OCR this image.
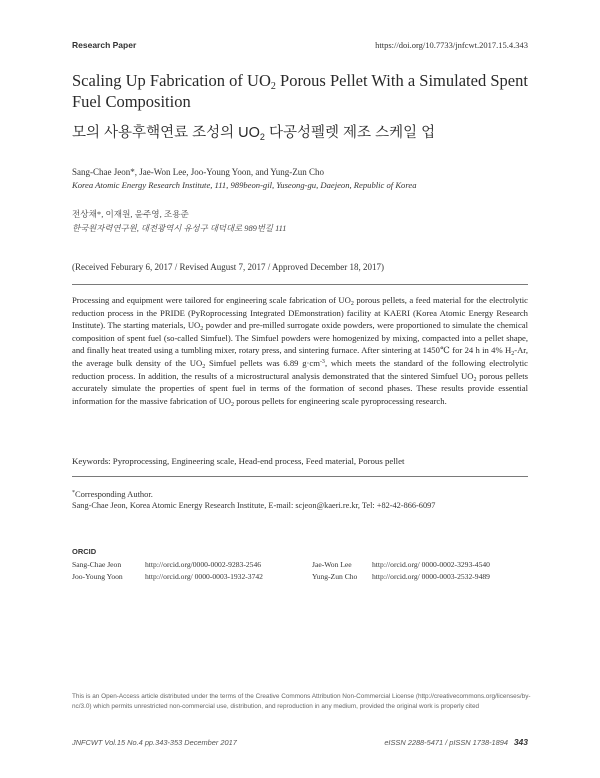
Research Paper	https://doi.org/10.7733/jnfcwt.2017.15.4.343
Scaling Up Fabrication of $UO_2$ Porous Pellet With a Simulated Spent Fuel Composition
모의 사용후핵연료 조성의 $UO_2$ 다공성펠렛 제조 스케일 업
Sang-Chae Jeon*, Jae-Won Lee, Joo-Young Yoon, and Yung-Zun Cho
Korea Atomic Energy Research Institute, 111, 989beon-gil, Yuseong-gu, Daejeon, Republic of Korea
전상채*, 이재원, 윤주영, 조용준
한국원자력연구원, 대전광역시 유성구 대덕대로 989번길 111
(Received Feburary 6, 2017 / Revised August 7, 2017 / Approved December 18, 2017)
Processing and equipment were tailored for engineering scale fabrication of $UO_2$ porous pellets, a feed material for the electrolytic reduction process in the PRIDE (PyRoprocessing Integrated DEmonstration) facility at KAERI (Korea Atomic Energy Research Institute). The starting materials, $UO_2$ powder and pre-milled surrogate oxide powders, were proportioned to simulate the chemical composition of spent fuel (so-called Simfuel). The Simfuel powders were homogenized by mixing, compacted into a pellet shape, and finally heat treated using a tumbling mixer, rotary press, and sintering furnace. After sintering at 1450℃ for 24 h in 4% $H_2-Ar$, the average bulk density of the $UO_2$ Simfuel pellets was 6.89 $g\cdot cm^{-3}$, which meets the standard of the following electrolytic reduction process. In addition, the results of a microstructural analysis demonstrated that the sintered Simfuel $UO_2$ porous pellets accurately simulate the properties of spent fuel in terms of the formation of second phases. These results provide essential information for the massive fabrication of $UO_2$ porous pellets for engineering scale pyroprocessing research.
Keywords: Pyroprocessing, Engineering scale, Head-end process, Feed material, Porous pellet
*Corresponding Author.
Sang-Chae Jeon, Korea Atomic Energy Research Institute, E-mail: scjeon@kaeri.re.kr, Tel: +82-42-866-6097
ORCID
Sang-Chae Jeon	http://orcid.org/0000-0002-9283-2546	Jae-Won Lee	http://orcid.org/ 0000-0002-3293-4540
Joo-Young Yoon	http://orcid.org/ 0000-0003-1932-3742	Yung-Zun Cho http://orcid.org/ 0000-0003-2532-9489
This is an Open-Access article distributed under the terms of the Creative Commons Attribution Non-Commercial License (http://creativecommons.org/licenses/by-nc/3.0) which permits unrestricted non-commercial use, distribution, and reproduction in any medium, provided the original work is properly cited
JNFCWT Vol.15 No.4 pp.343-353 December 2017	eISSN 2288-5471 / pISSN 1738-1894 343
